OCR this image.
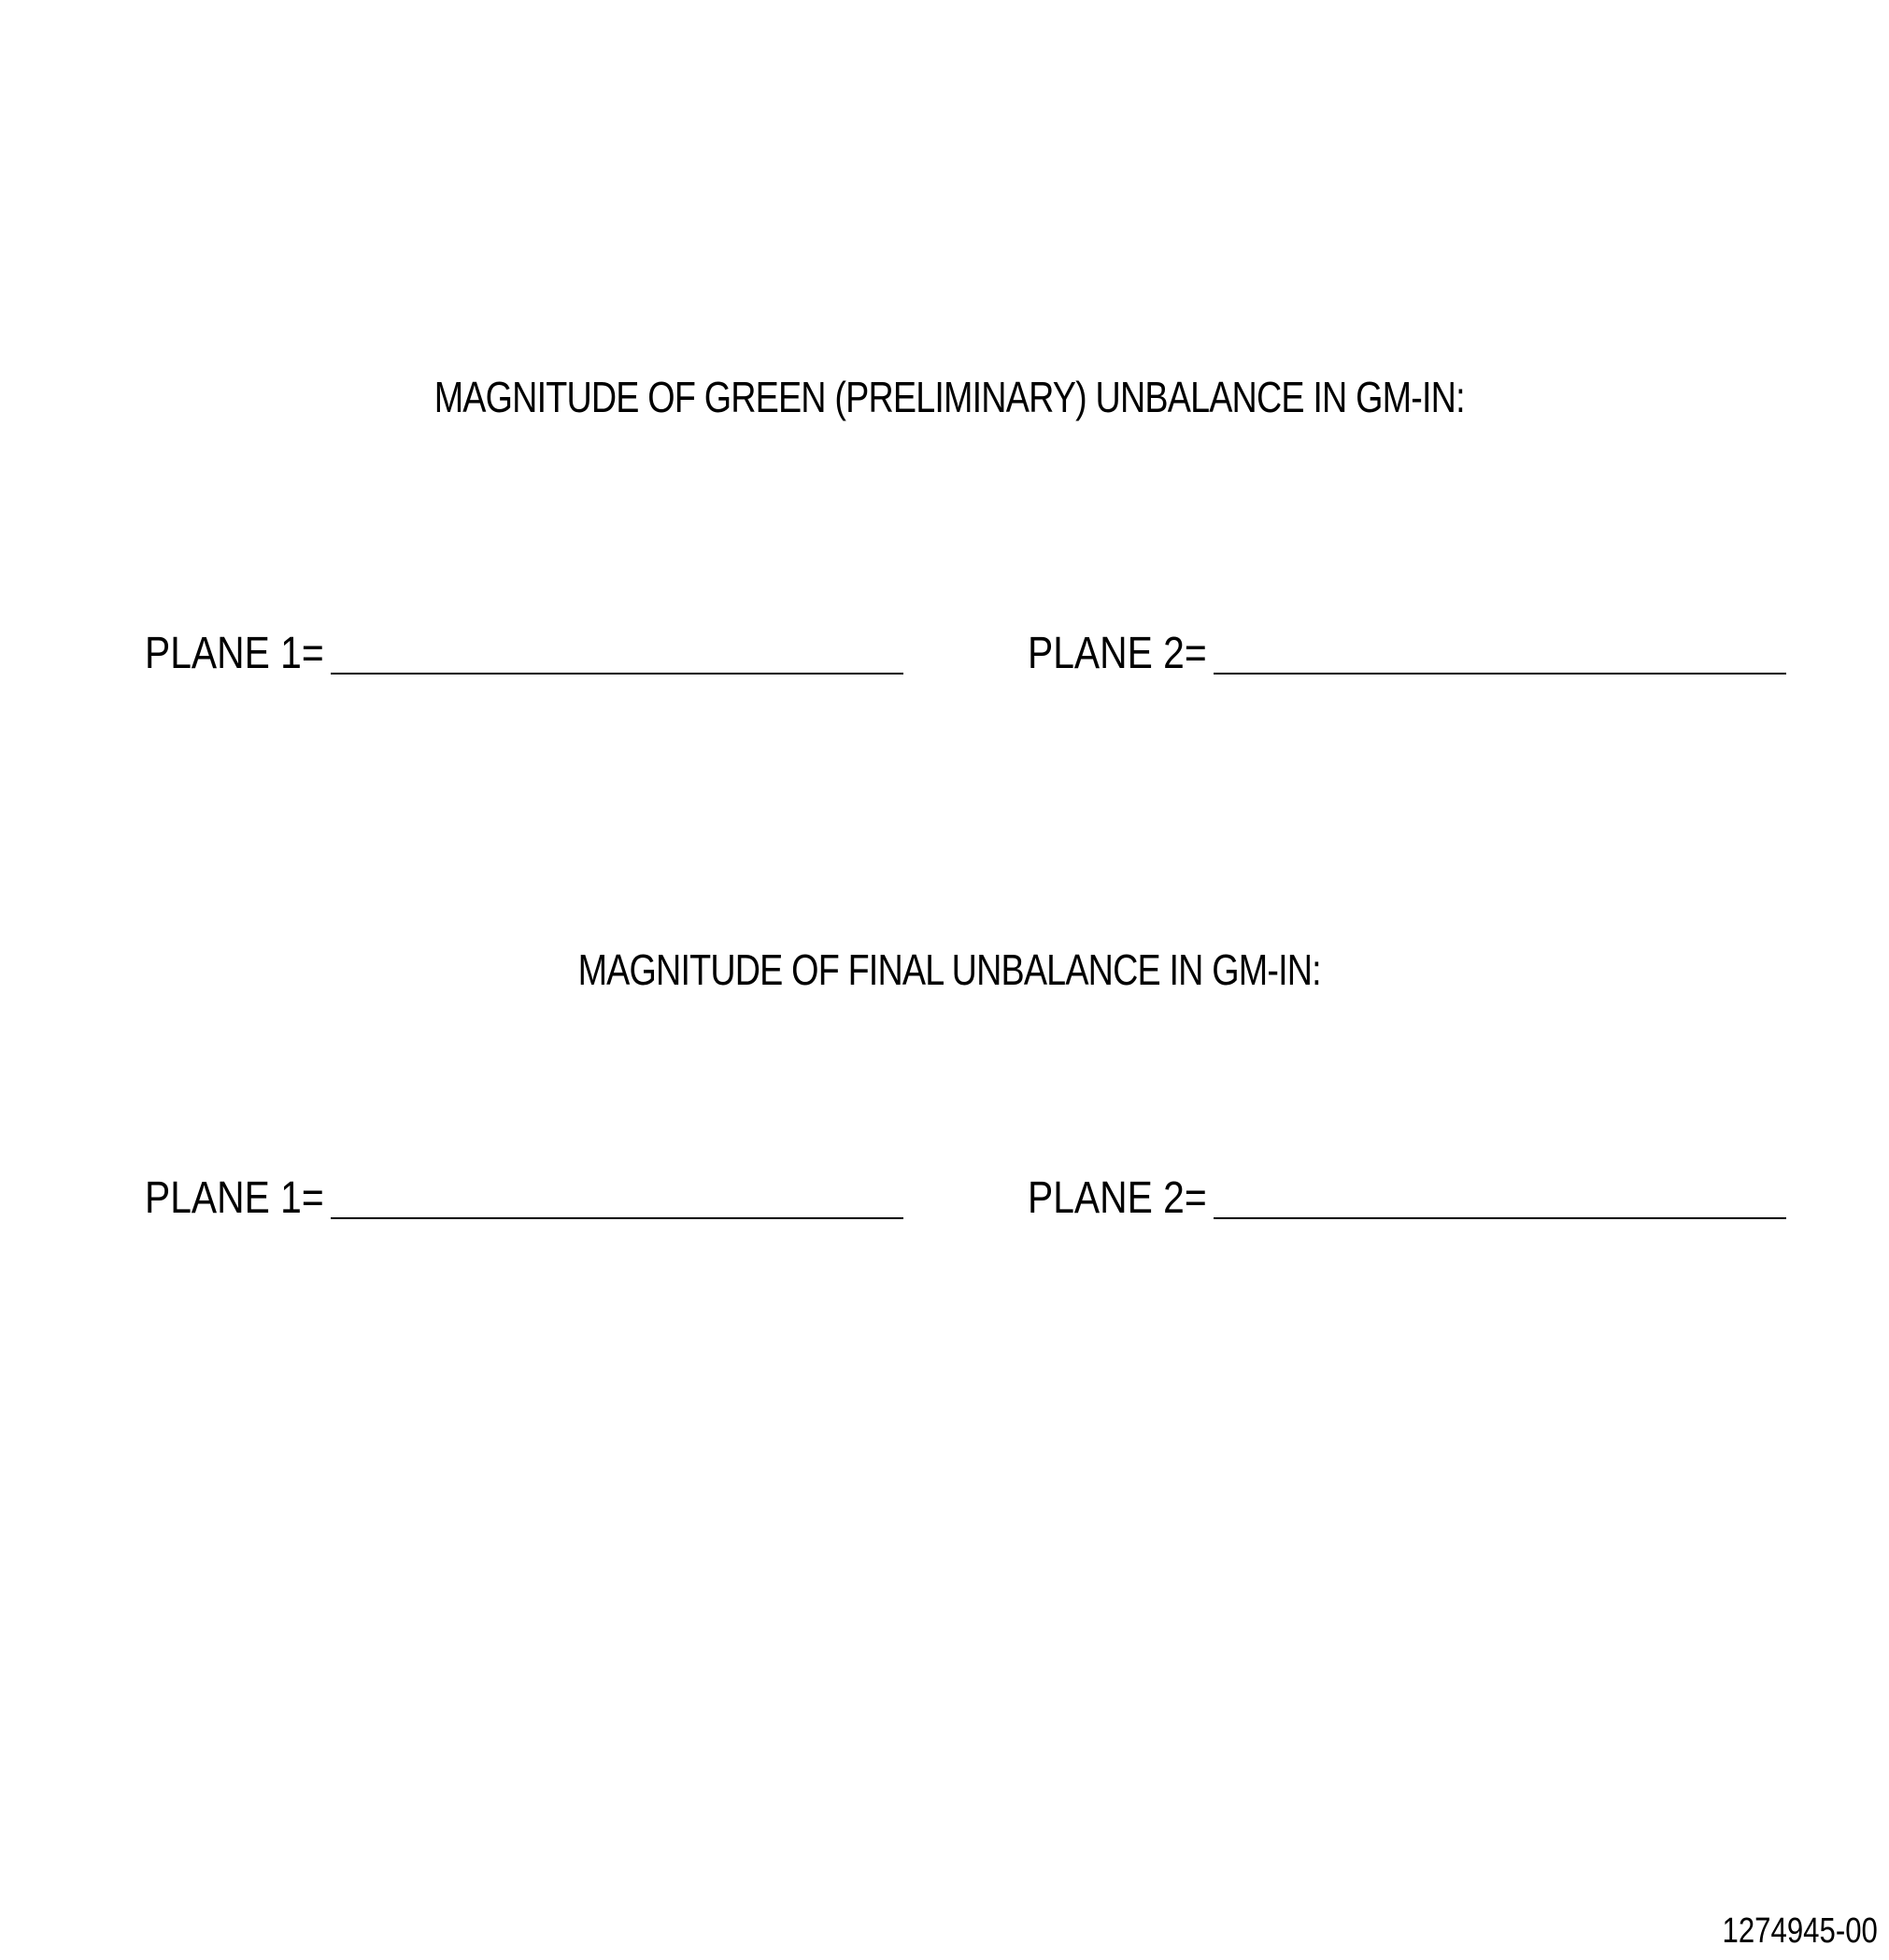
MAGNITUDE OF GREEN (PRELIMINARY) UNBALANCE IN GM-IN:
PLANE 1=	PLANE 2=
MAGNITUDE OF FINAL UNBALANCE IN GM-IN:
PLANE 1=	PLANE 2=
1274945-00
